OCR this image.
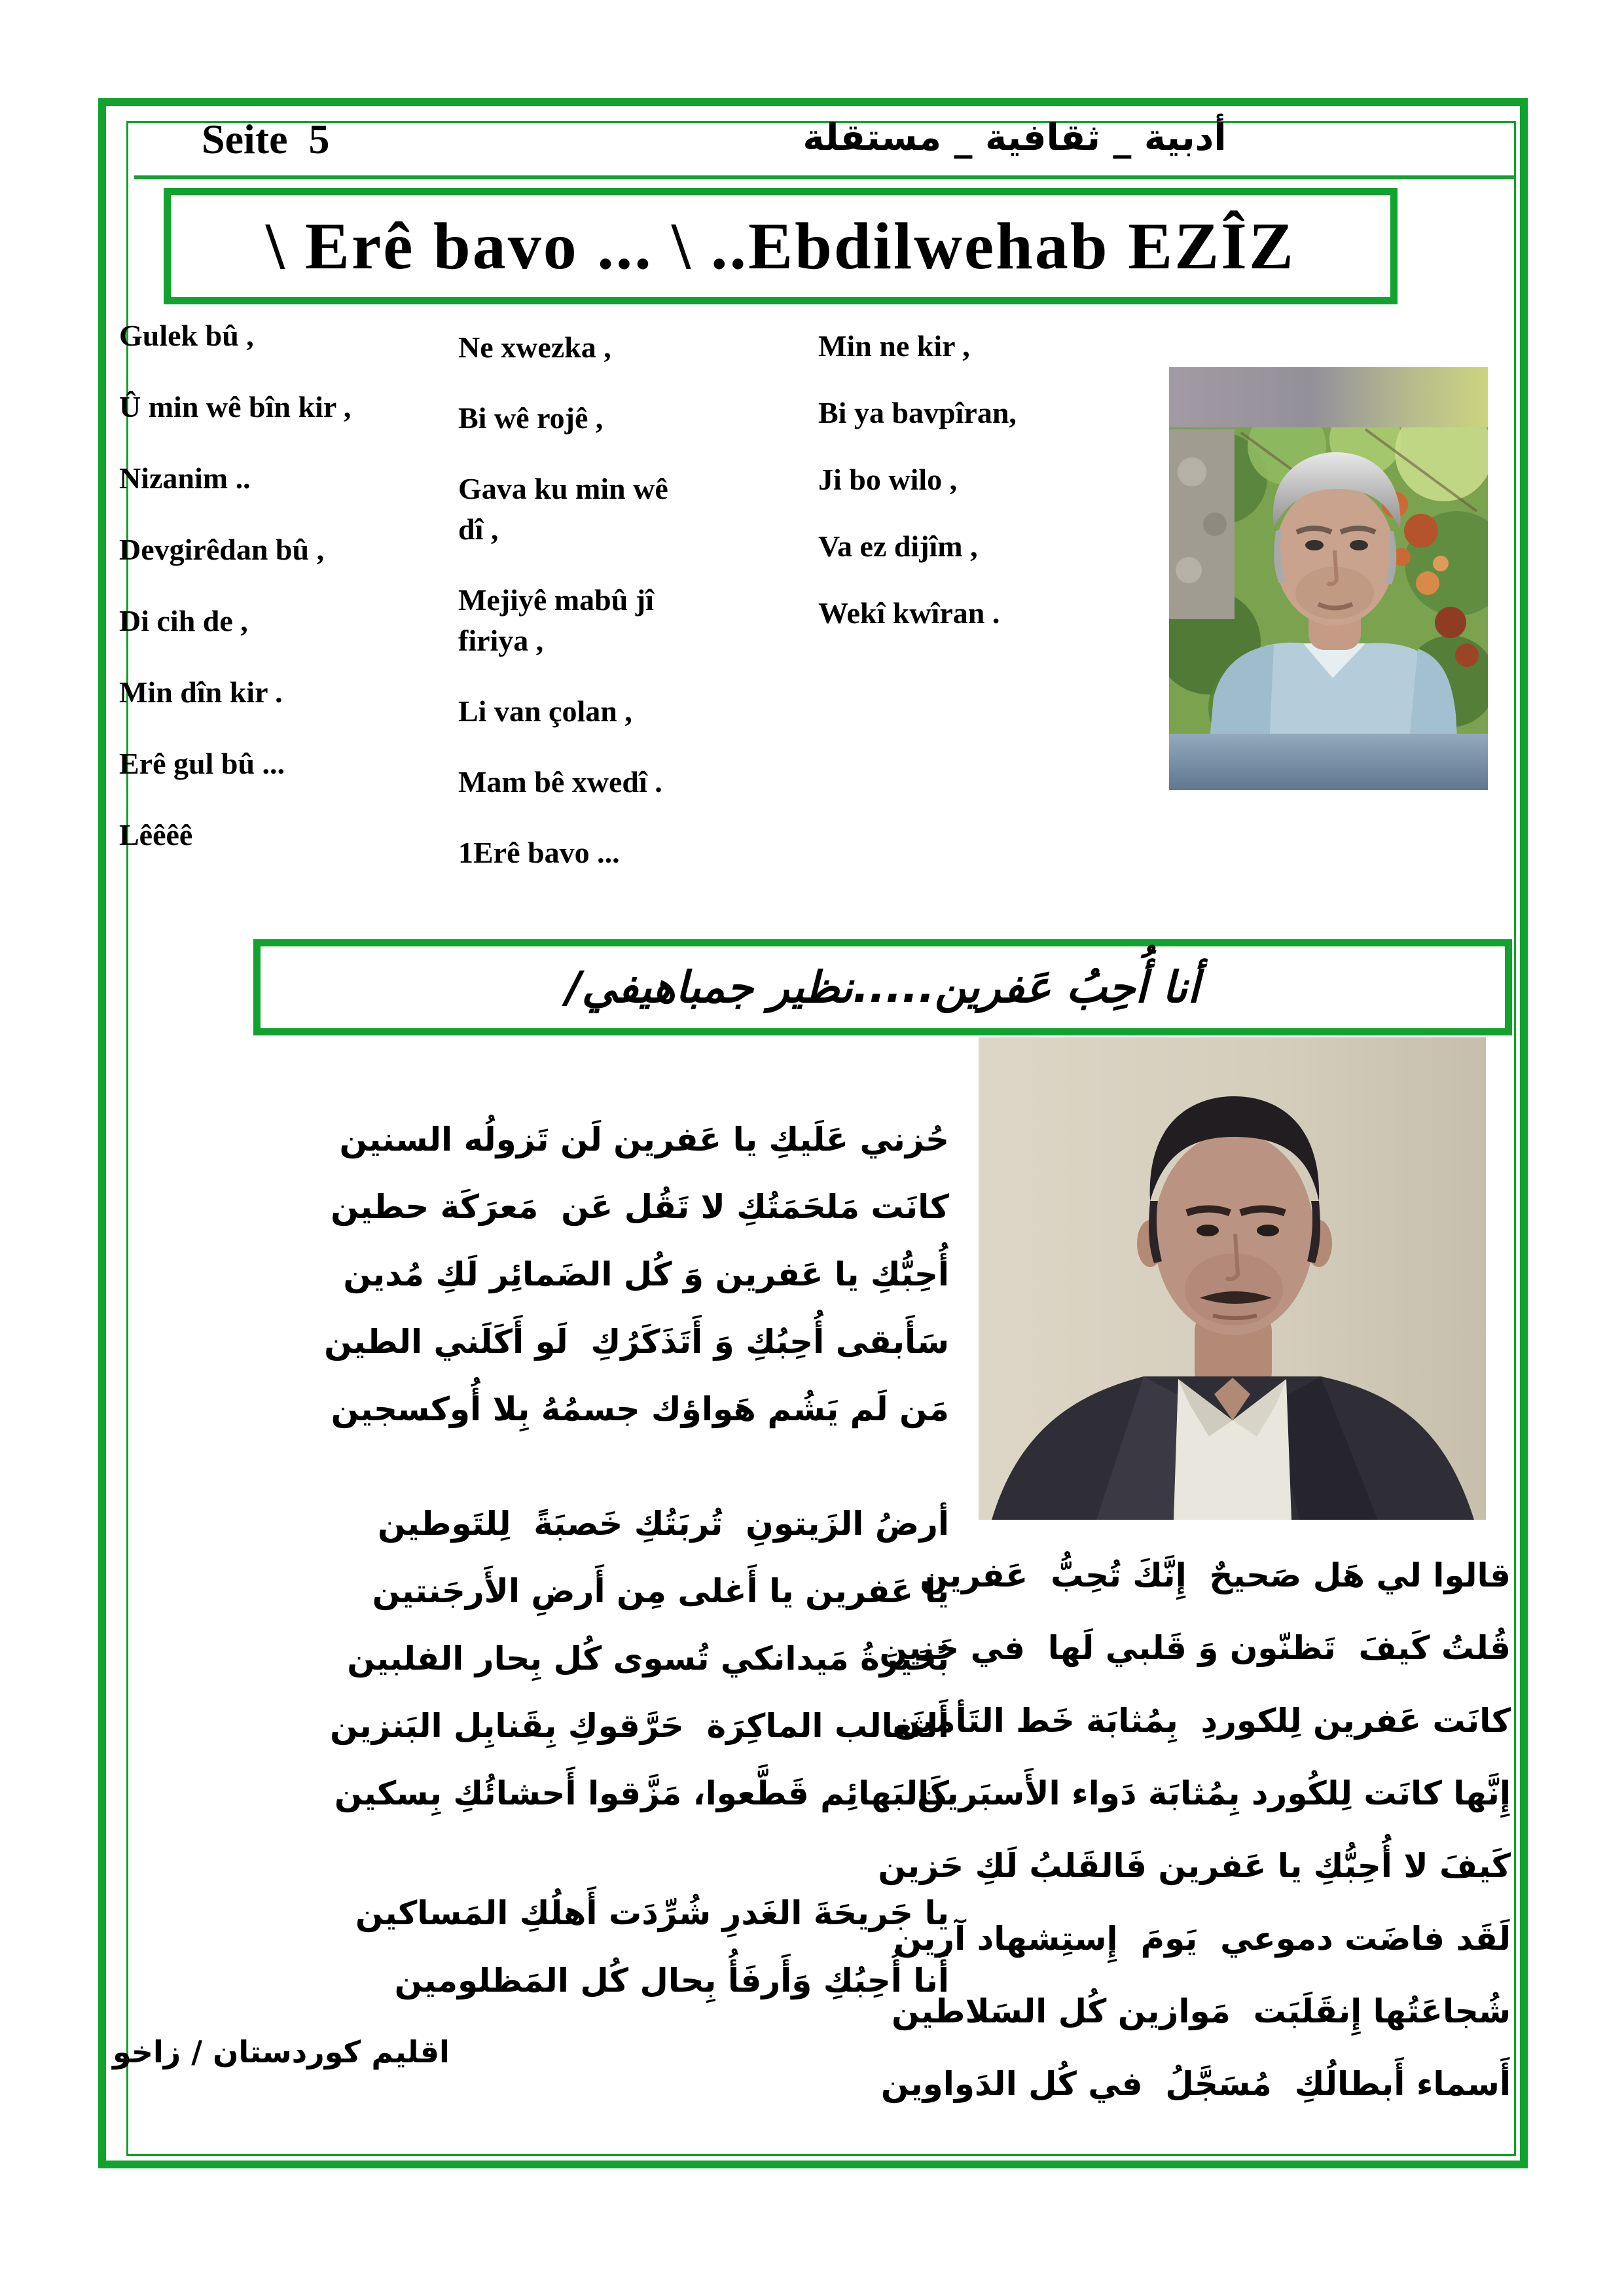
Seite  5	أدبية _ ثقافية _ مستقلة
\ Erê bavo ... \ ..Ebdilwehab EZÎZ
Gulek bû ,
Û min wê bîn kir ,
Nizanim ..
Devgirêdan bû ,
Di cih de ,
Min dîn kir .
Erê gul bû ...
Lêêêê

Ne xwezka ,

Bi wê rojê ,

Gava ku min wê dî ,

Mejiyê mabû jî firiya ,

Li van çolan ,

Mam bê xwedî .

1Erê bavo ...

Min ne kir ,
Bi ya bavpîran,
Ji bo wilo ,
Va ez dijîm ,
Wekî kwîran .
أنا أُحِبُ عَفرين.....نظير جمباهيفي/
حُزني عَلَيكِ يا عَفرين لَن تَزولُه السنين
كانَت مَلحَمَتُكِ لا تَقُل عَن  مَعرَكَة حطين
أُحِبُّكِ يا عَفرين وَ كُل الضَمائِر لَكِ مُدين
سَأَبقى أُحِبُكِ وَ أَتَذَكَرُكِ  لَو أَكَلَني الطين
مَن لَم يَشُم هَواؤك جسمُهُ بِلا أُوكسجين
أرضُ الزَيتونِ  تُربَتُكِ خَصبَةً  لِلتَوطين
يا عَفرين يا أَغلى مِن أَرضِ الأَرجَنتين
بُحَيرَةُ مَيدانكي تُسوى كُل بِحار الفلبين
أَلثَعالب الماكِرَة  حَرَّقوكِ بِقَنابِل البَنزين
كَالبَهائِم قَطَّعوا، مَزَّقوا أَحشائُكِ بِسكين
يا جَريحَةَ الغَدرِ شُرِّدَت أَهلُكِ المَساكين
أَنا أُحِبُكِ وَأَرفَأُ بِحال كُل المَظلومين
قالوا لي هَل صَحيحٌ  إِنَّكَ تُحِبُّ  عَفرين
قُلتُ كَيفَ  تَظنّون وَ قَلبي لَها  في حَنين
كانَت عَفرين لِلكوردِ  بِمُثابَة خَط التَأمين
إِنَّها كانَت لِلكُورد بِمُثابَة دَواء الأَسبَرين
كَيفَ لا أُحِبُّكِ يا عَفرين فَالقَلبُ لَكِ حَزين
لَقَد فاضَت دموعي  يَومَ  إِستِشهاد آرين
شُجاعَتُها إِنقَلَبَت  مَوازين كُل السَلاطين
أَسماء أَبطالُكِ  مُسَجَّلُ  في كُل الدَواوين
اقليم كوردستان / زاخو
